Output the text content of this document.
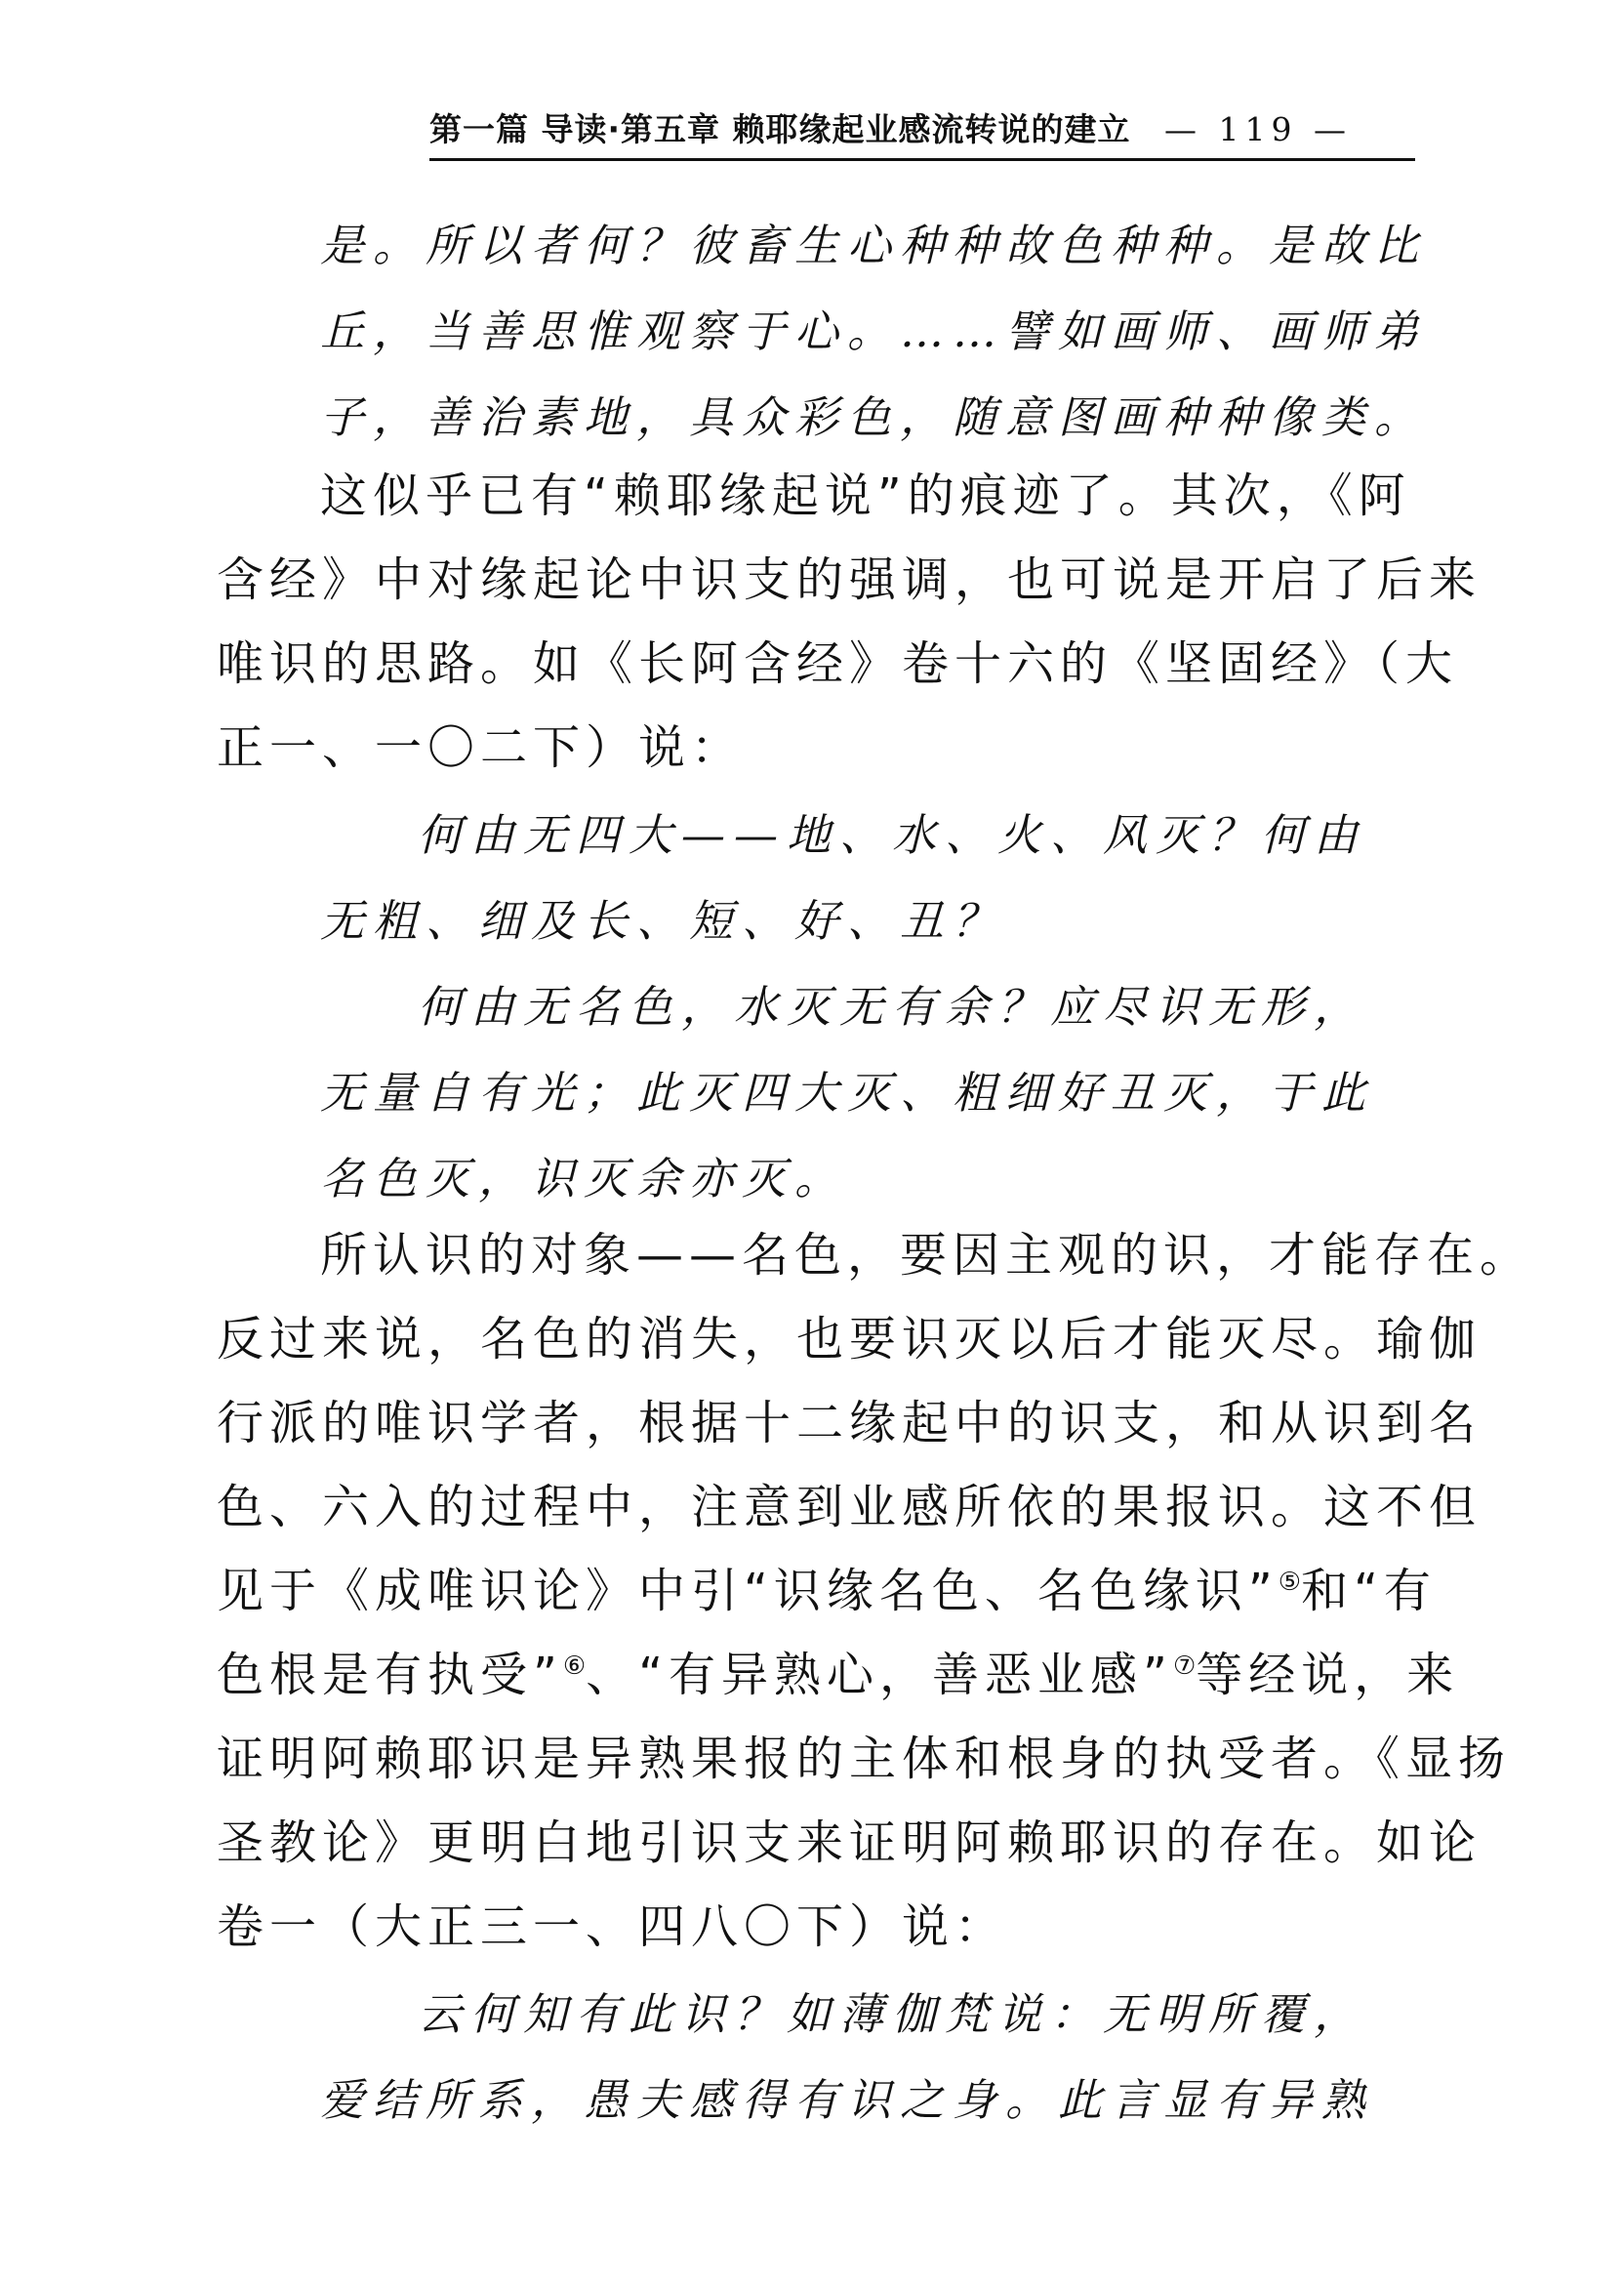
第一篇 导读·第五章 赖耶缘起业感流转说的建立 — 119 —
是。所以者何？彼畜生心种种故色种种。是故比
丘，当善思惟观察于心。……譬如画师、画师弟
子，善治素地，具众彩色，随意图画种种像类。
这似乎已有“赖耶缘起说”的痕迹了。其次，《阿
含经》中对缘起论中识支的强调，也可说是开启了后来
唯识的思路。如《长阿含经》卷十六的《坚固经》（大
正一、一〇二下）说：
何由无四大——地、水、火、风灭？何由
无粗、细及长、短、好、丑？
何由无名色，水灭无有余？应尽识无形，
无量自有光；此灭四大灭、粗细好丑灭，于此
名色灭，识灭余亦灭。
所认识的对象——名色，要因主观的识，才能存在。
反过来说，名色的消失，也要识灭以后才能灭尽。瑜伽
行派的唯识学者，根据十二缘起中的识支，和从识到名
色、六入的过程中，注意到业感所依的果报识。这不但
见于《成唯识论》中引“识缘名色、名色缘识”⑤和“有
色根是有执受”⑥、“有异熟心，善恶业感”⑦等经说，来
证明阿赖耶识是异熟果报的主体和根身的执受者。《显扬
圣教论》更明白地引识支来证明阿赖耶识的存在。如论
卷一（大正三一、四八〇下）说：
云何知有此识？如薄伽梵说：无明所覆，
爱结所系，愚夫感得有识之身。此言显有异熟
